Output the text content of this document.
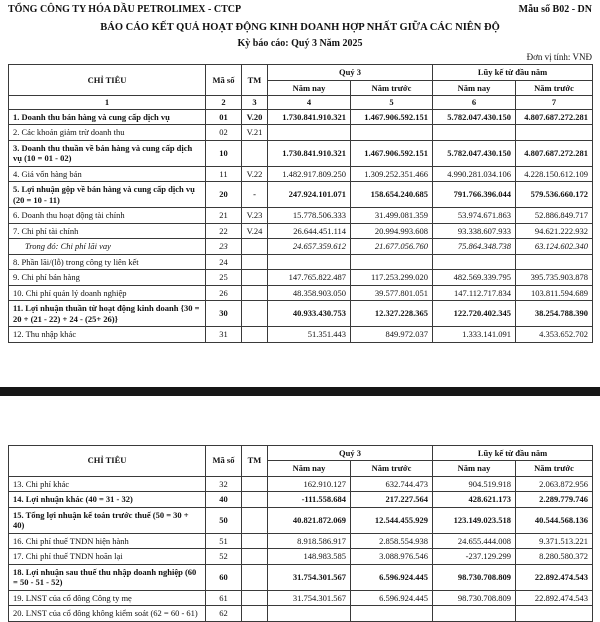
TỔNG CÔNG TY HÓA DẦU PETROLIMEX - CTCP	Mẫu số B02 - DN
BÁO CÁO KẾT QUẢ HOẠT ĐỘNG KINH DOANH HỢP NHẤT GIỮA CÁC NIÊN ĐỘ
Kỳ báo cáo: Quý 3 Năm 2025
Đơn vị tính: VNĐ
CHỈ TIÊU	Mã số	TM	Quý 3		Lũy kế từ đầu năm	
			Năm nay	Năm trước	Năm nay	Năm trước
1	2	3	4	5	6	7
1. Doanh thu bán hàng và cung cấp dịch vụ	01	V.20	1.730.841.910.321	1.467.906.592.151	5.782.047.430.150	4.807.687.272.281
2. Các khoản giảm trừ doanh thu	02	V.21				
3. Doanh thu thuần về bán hàng và cung cấp dịch vụ (10 = 01 - 02)	10		1.730.841.910.321	1.467.906.592.151	5.782.047.430.150	4.807.687.272.281
4. Giá vốn hàng bán	11	V.22	1.482.917.809.250	1.309.252.351.466	4.990.281.034.106	4.228.150.612.109
5. Lợi nhuận gộp về bán hàng và cung cấp dịch vụ (20 = 10 - 11)	20	-	247.924.101.071	158.654.240.685	791.766.396.044	579.536.660.172
6. Doanh thu hoạt động tài chính	21	V.23	15.778.506.333	31.499.081.359	53.974.671.863	52.886.849.717
7. Chi phí tài chính	22	V.24	26.644.451.114	20.994.993.608	93.338.607.933	94.621.222.932
Trong đó: Chi phí lãi vay	23		24.657.359.612	21.677.056.760	75.864.348.738	63.124.602.340
8. Phần lãi/(lỗ) trong công ty liên kết	24					
9. Chi phí bán hàng	25		147.765.822.487	117.253.299.020	482.569.339.795	395.735.903.878
10. Chi phí quản lý doanh nghiệp	26		48.358.903.050	39.577.801.051	147.112.717.834	103.811.594.689
11. Lợi nhuận thuần từ hoạt động kinh doanh {30 = 20 + (21 - 22) + 24 - (25+ 26)}	30		40.933.430.753	12.327.228.365	122.720.402.345	38.254.788.390
12. Thu nhập khác	31		51.351.443	849.972.037	1.333.141.091	4.353.652.702
CHỈ TIÊU	Mã số	TM	Quý 3		Lũy kế từ đầu năm	
			Năm nay	Năm trước	Năm nay	Năm trước
13. Chi phí khác	32		162.910.127	632.744.473	904.519.918	2.063.872.956
14. Lợi nhuận khác (40 = 31 - 32)	40		-111.558.684	217.227.564	428.621.173	2.289.779.746
15. Tổng lợi nhuận kế toán trước thuế (50 = 30 + 40)	50		40.821.872.069	12.544.455.929	123.149.023.518	40.544.568.136
16. Chi phí thuế TNDN hiện hành	51		8.918.586.917	2.858.554.938	24.655.444.008	9.371.513.221
17. Chi phí thuế TNDN hoãn lại	52		148.983.585	3.088.976.546	-237.129.299	8.280.580.372
18. Lợi nhuận sau thuế thu nhập doanh nghiệp (60 = 50 - 51 - 52)	60		31.754.301.567	6.596.924.445	98.730.708.809	22.892.474.543
19. LNST của cổ đông Công ty mẹ	61		31.754.301.567	6.596.924.445	98.730.708.809	22.892.474.543
20. LNST của cổ đông không kiểm soát (62 = 60 - 61)	62					
